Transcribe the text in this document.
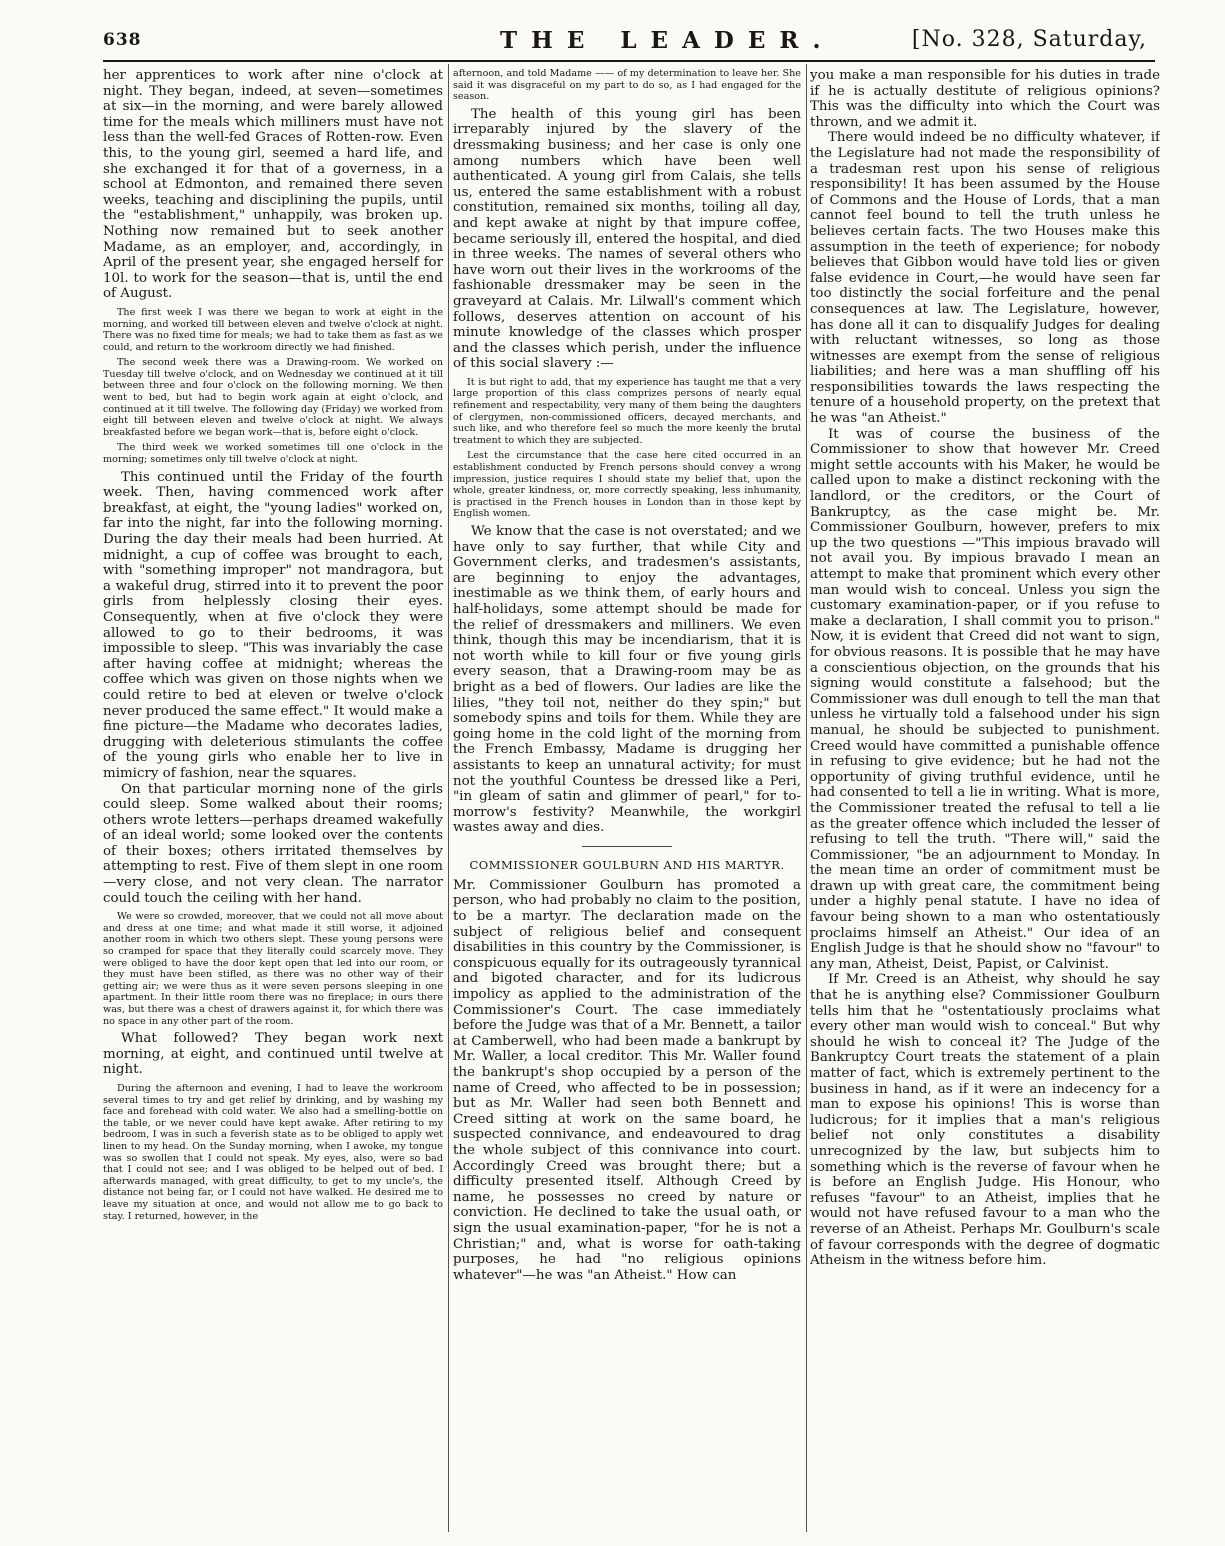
638	THE LEADER.	[No. 328, Saturday,

her apprentices to work after nine o'clock at night. They began, indeed, at seven—sometimes at six—in the morning, and were barely allowed time for the meals which milliners must have not less than the well-fed Graces of Rotten-row. Even this, to the young girl, seemed a hard life, and she exchanged it for that of a governess, in a school at Edmonton, and remained there seven weeks, teaching and disciplining the pupils, until the "establishment," unhappily, was broken up. Nothing now remained but to seek another Madame, as an employer, and, accordingly, in April of the present year, she engaged herself for 10l. to work for the season—that is, until the end of August.

The first week I was there we began to work at eight in the morning, and worked till between eleven and twelve o'clock at night. There was no fixed time for meals; we had to take them as fast as we could, and return to the workroom directly we had finished.

The second week there was a Drawing-room. We worked on Tuesday till twelve o'clock, and on Wednesday we continued at it till between three and four o'clock on the following morning. We then went to bed, but had to begin work again at eight o'clock, and continued at it till twelve. The following day (Friday) we worked from eight till between eleven and twelve o'clock at night. We always breakfasted before we began work—that is, before eight o'clock.

The third week we worked sometimes till one o'clock in the morning; sometimes only till twelve o'clock at night.

This continued until the Friday of the fourth week. Then, having commenced work after breakfast, at eight, the "young ladies" worked on, far into the night, far into the following morning. During the day their meals had been hurried. At midnight, a cup of coffee was brought to each, with "something improper" not mandragora, but a wakeful drug, stirred into it to prevent the poor girls from helplessly closing their eyes. Consequently, when at five o'clock they were allowed to go to their bedrooms, it was impossible to sleep. "This was invariably the case after having coffee at midnight; whereas the coffee which was given on those nights when we could retire to bed at eleven or twelve o'clock never produced the same effect." It would make a fine picture—the Madame who decorates ladies, drugging with deleterious stimulants the coffee of the young girls who enable her to live in mimicry of fashion, near the squares.

On that particular morning none of the girls could sleep. Some walked about their rooms; others wrote letters—perhaps dreamed wakefully of an ideal world; some looked over the contents of their boxes; others irritated themselves by attempting to rest. Five of them slept in one room—very close, and not very clean. The narrator could touch the ceiling with her hand.

We were so crowded, moreover, that we could not all move about and dress at one time; and what made it still worse, it adjoined another room in which two others slept. These young persons were so cramped for space that they literally could scarcely move. They were obliged to have the door kept open that led into our room, or they must have been stifled, as there was no other way of their getting air; we were thus as it were seven persons sleeping in one apartment. In their little room there was no fireplace; in ours there was, but there was a chest of drawers against it, for which there was no space in any other part of the room.

What followed? They began work next morning, at eight, and continued until twelve at night.

During the afternoon and evening, I had to leave the workroom several times to try and get relief by drinking, and by washing my face and forehead with cold water. We also had a smelling-bottle on the table, or we never could have kept awake. After retiring to my bedroom, I was in such a feverish state as to be obliged to apply wet linen to my head. On the Sunday morning, when I awoke, my tongue was so swollen that I could not speak. My eyes, also, were so bad that I could not see; and I was obliged to be helped out of bed. I afterwards managed, with great difficulty, to get to my uncle's, the distance not being far, or I could not have walked. He desired me to leave my situation at once, and would not allow me to go back to stay. I returned, however, in the

afternoon, and told Madame —— of my determination to leave her. She said it was disgraceful on my part to do so, as I had engaged for the season.

The health of this young girl has been irreparably injured by the slavery of the dressmaking business; and her case is only one among numbers which have been well authenticated. A young girl from Calais, she tells us, entered the same establishment with a robust constitution, remained six months, toiling all day, and kept awake at night by that impure coffee, became seriously ill, entered the hospital, and died in three weeks. The names of several others who have worn out their lives in the workrooms of the fashionable dressmaker may be seen in the graveyard at Calais. Mr. Lilwall's comment which follows, deserves attention on account of his minute knowledge of the classes which prosper and the classes which perish, under the influence of this social slavery :—

It is but right to add, that my experience has taught me that a very large proportion of this class comprizes persons of nearly equal refinement and respectability, very many of them being the daughters of clergymen, non-commissioned officers, decayed merchants, and such like, and who therefore feel so much the more keenly the brutal treatment to which they are subjected.

Lest the circumstance that the case here cited occurred in an establishment conducted by French persons should convey a wrong impression, justice requires I should state my belief that, upon the whole, greater kindness, or, more correctly speaking, less inhumanity, is practised in the French houses in London than in those kept by English women.

We know that the case is not overstated; and we have only to say further, that while City and Government clerks, and tradesmen's assistants, are beginning to enjoy the advantages, inestimable as we think them, of early hours and half-holidays, some attempt should be made for the relief of dressmakers and milliners. We even think, though this may be incendiarism, that it is not worth while to kill four or five young girls every season, that a Drawing-room may be as bright as a bed of flowers. Our ladies are like the lilies, "they toil not, neither do they spin;" but somebody spins and toils for them. While they are going home in the cold light of the morning from the French Embassy, Madame is drugging her assistants to keep an unnatural activity; for must not the youthful Countess be dressed like a Peri, "in gleam of satin and glimmer of pearl," for to-morrow's festivity? Meanwhile, the workgirl wastes away and dies.

COMMISSIONER GOULBURN AND HIS MARTYR.

Mr. Commissioner Goulburn has promoted a person, who had probably no claim to the position, to be a martyr. The declaration made on the subject of religious belief and consequent disabilities in this country by the Commissioner, is conspicuous equally for its outrageously tyrannical and bigoted character, and for its ludicrous impolicy as applied to the administration of the Commissioner's Court. The case immediately before the Judge was that of a Mr. Bennett, a tailor at Camberwell, who had been made a bankrupt by Mr. Waller, a local creditor. This Mr. Waller found the bankrupt's shop occupied by a person of the name of Creed, who affected to be in possession; but as Mr. Waller had seen both Bennett and Creed sitting at work on the same board, he suspected connivance, and endeavoured to drag the whole subject of this connivance into court. Accordingly Creed was brought there; but a difficulty presented itself. Although Creed by name, he possesses no creed by nature or conviction. He declined to take the usual oath, or sign the usual examination-paper, "for he is not a Christian;" and, what is worse for oath-taking purposes, he had "no religious opinions whatever"—he was "an Atheist." How can

you make a man responsible for his duties in trade if he is actually destitute of religious opinions? This was the difficulty into which the Court was thrown, and we admit it.

There would indeed be no difficulty whatever, if the Legislature had not made the responsibility of a tradesman rest upon his sense of religious responsibility! It has been assumed by the House of Commons and the House of Lords, that a man cannot feel bound to tell the truth unless he believes certain facts. The two Houses make this assumption in the teeth of experience; for nobody believes that Gibbon would have told lies or given false evidence in Court,—he would have seen far too distinctly the social forfeiture and the penal consequences at law. The Legislature, however, has done all it can to disqualify Judges for dealing with reluctant witnesses, so long as those witnesses are exempt from the sense of religious liabilities; and here was a man shuffling off his responsibilities towards the laws respecting the tenure of a household property, on the pretext that he was "an Atheist."

It was of course the business of the Commissioner to show that however Mr. Creed might settle accounts with his Maker, he would be called upon to make a distinct reckoning with the landlord, or the creditors, or the Court of Bankruptcy, as the case might be. Mr. Commissioner Goulburn, however, prefers to mix up the two questions —"This impious bravado will not avail you. By impious bravado I mean an attempt to make that prominent which every other man would wish to conceal. Unless you sign the customary examination-paper, or if you refuse to make a declaration, I shall commit you to prison." Now, it is evident that Creed did not want to sign, for obvious reasons. It is possible that he may have a conscientious objection, on the grounds that his signing would constitute a falsehood; but the Commissioner was dull enough to tell the man that unless he virtually told a falsehood under his sign manual, he should be subjected to punishment. Creed would have committed a punishable offence in refusing to give evidence; but he had not the opportunity of giving truthful evidence, until he had consented to tell a lie in writing. What is more, the Commissioner treated the refusal to tell a lie as the greater offence which included the lesser of refusing to tell the truth. "There will," said the Commissioner, "be an adjournment to Monday. In the mean time an order of commitment must be drawn up with great care, the commitment being under a highly penal statute. I have no idea of favour being shown to a man who ostentatiously proclaims himself an Atheist." Our idea of an English Judge is that he should show no "favour" to any man, Atheist, Deist, Papist, or Calvinist.

If Mr. Creed is an Atheist, why should he say that he is anything else? Commissioner Goulburn tells him that he "ostentatiously proclaims what every other man would wish to conceal." But why should he wish to conceal it? The Judge of the Bankruptcy Court treats the statement of a plain matter of fact, which is extremely pertinent to the business in hand, as if it were an indecency for a man to expose his opinions! This is worse than ludicrous; for it implies that a man's religious belief not only constitutes a disability unrecognized by the law, but subjects him to something which is the reverse of favour when he is before an English Judge. His Honour, who refuses "favour" to an Atheist, implies that he would not have refused favour to a man who the reverse of an Atheist. Perhaps Mr. Goulburn's scale of favour corresponds with the degree of dogmatic Atheism in the witness before him.
